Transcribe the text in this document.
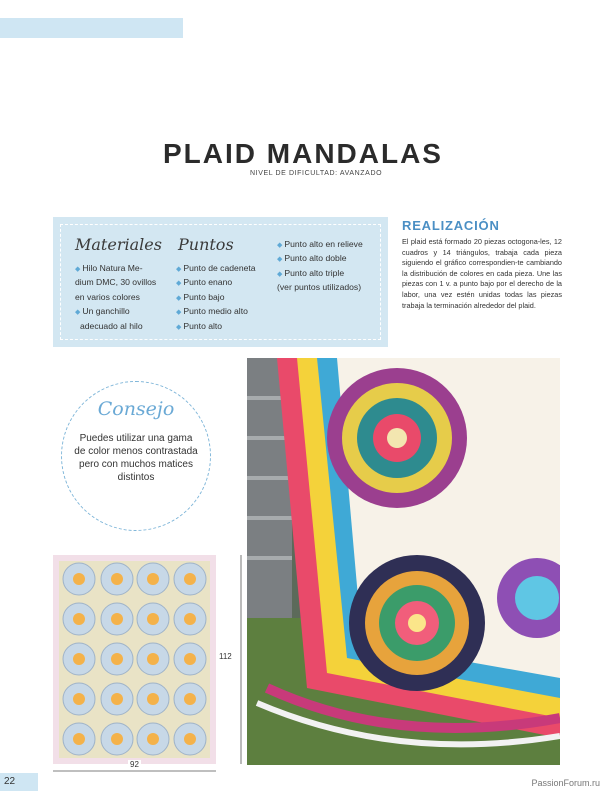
PLAID MANDALAS
NIVEL DE DIFICULTAD: AVANZADO
Materiales Puntos
◆ Hilo Natura Me-
dium DMC, 30 ovillos
en varios colores
◆ Un ganchillo
adecuado al hilo
◆ Punto de cadeneta
◆ Punto enano
◆ Punto bajo
◆ Punto medio alto
◆ Punto alto
◆ Punto alto en relieve
◆ Punto alto doble
◆ Punto alto triple
(ver puntos utilizados)
REALIZACIÓN

El plaid está formado 20 piezas octogona-les, 12 cuadros y 14 triángulos, trabaja cada pieza siguiendo el gráfico correspondien-te cambiando la distribución de colores en cada pieza. Une las piezas con 1 v. a punto bajo por el derecho de la labor, una vez estén unidas todas las piezas trabaja la terminación alrededor del plaid.

Consejo
Puedes utilizar una gama de color menos contrastada pero con muchos matices distintos
92
112
22	PassionForum.ru
